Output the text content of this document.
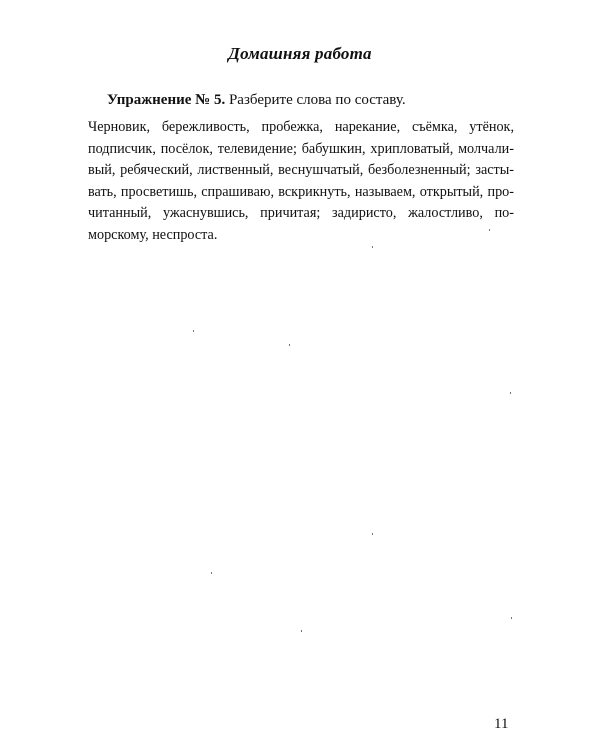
Домашняя работа
Упражнение № 5. Разберите слова по составу.
Черновик, бережливость, пробежка, нарекание, съёмка, утёнок,
подписчик, посёлок, телевидение; бабушкин, хрипловатый, молчали-
вый, ребяческий, лиственный, веснушчатый, безболезненный; засты-
вать, просветишь, спрашиваю, вскрикнуть, называем, открытый, про-
читанный, ужаснувшись, причитая; задиристо, жалостливо, по-
морскому, неспроста.
11
